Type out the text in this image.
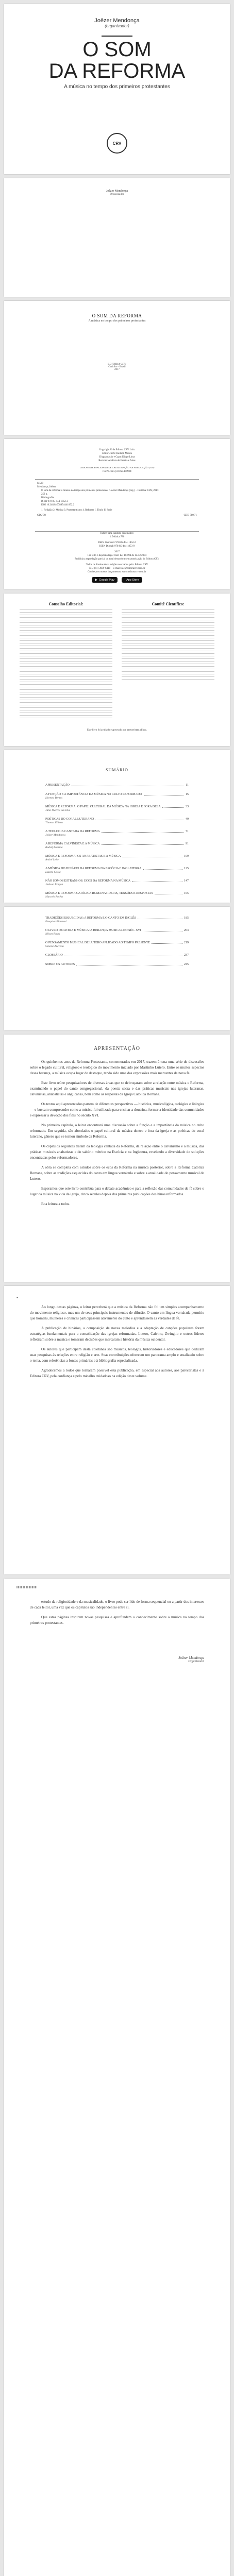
Joêzer Mendonça
(organizador)
O SOM
DA REFORMA
A música no tempo dos primeiros protestantes
CRV
Joêzer Mendonça
Organizador
O SOM DA REFORMA
A música no tempo dos primeiros protestantes
EDITORA CRV
Curitiba – Brasil
2017
Copyright © da Editora CRV Ltda.
Editor-chefe: Railson Moura
Diagramação e Capa: Diogo Lima
Revisão: Analista de Escrita e Artes
DADOS INTERNACIONAIS DE CATALOGAÇÃO NA PUBLICAÇÃO (CIP)
CATALOGAÇÃO NA FONTE
M539
Mendonça, Joêzer
O som da reforma: a música no tempo dos primeiros protestantes / Joêzer Mendonça (org.) – Curitiba: CRV, 2017.
252 p.
Bibliografia
ISBN 978-85-444-1852-2
DOI 10.24824/978854441852.2
1. Religião 2. Música 3. Protestantismo 4. Reforma I. Título II. Série
CDU 78	CDD 780.71
Índice para catálogo sistemático
1. Música 780
ISBN Impresso: 978-85-444-1852-2
ISBN Digital: 978-85-444-1853-9
2017
Foi feito o depósito legal conf. Lei 10.994 de 14/12/2004
Proibida a reprodução parcial ou total desta obra sem autorização da Editora CRV
Todos os direitos desta edição reservados pela: Editora CRV
Tel.: (41) 3039-6418 – E-mail: sac@editoracrv.com.br
Conheça os nossos lançamentos: www.editoracrv.com.br
▶ Google Play	App Store
Conselho Editorial:	Comitê Científico:
Este livro foi avaliado e aprovado por pareceristas ad hoc.
SUMÁRIO
APRESENTAÇÃO	11
A FUNÇÃO E A IMPORTÂNCIA DA MÚSICA NO CULTO REFORMADO	15
Hermes Bentes
MÚSICA E REFORMA: O PAPEL CULTURAL DA MÚSICA NA IGREJA E FORA DELA	33
Júlio Marcos da Silva
POÉTICAS DO CORAL LUTERANO	49
Thomas Ehlertt
A TEOLOGIA CANTADA DA REFORMA	71
Joêzer Mendonça
A REFORMA CALVINISTA E A MÚSICA	91
Rudolf Boerma
MÚSICA E REFORMA: OS ANABATISTAS E A MÚSICA	109
André Leite
A MÚSICA DO HINÁRIO DA REFORMA NA ESCÓCIA E INGLATERRA	125
Lázaro Costa
NÃO SOMOS ESTRANHOS: ECOS DA REFORMA NA MÚSICA	147
Jaelson Bragra
MÚSICA E REFORMA CATÓLICA ROMANA: IDEIAS, TENSÕES E RESPOSTAS	165
Marcelo Rocha
TRADIÇÕES ESQUECIDAS: A REFORMA E O CANTO EM INGLÊS	185
Ezequias Pimentel
O LIVRO DE LETRA E MÚSICA: A HERANÇA MUSICAL NO SÉC. XVI	203
Nilson Rivas
O PENSAMENTO MUSICAL DE LUTERO APLICADO AO TEMPO PRESENTE	219
Simone Azevedo
GLOSSÁRIO	237
SOBRE OS AUTORES	245
APRESENTAÇÃO

Os quinhentos anos da Reforma Protestante, comemorados em 2017, trazem à tona uma série de discussões sobre o legado cultural, religioso e teológico do movimento iniciado por Martinho Lutero. Entre os muitos aspectos dessa herança, a música ocupa lugar de destaque, tendo sido uma das expressões mais marcantes da nova fé.

Este livro reúne pesquisadores de diversas áreas que se debruçaram sobre a relação entre música e Reforma, examinando o papel do canto congregacional, da poesia sacra e das práticas musicais nas igrejas luteranas, calvinistas, anabatistas e anglicanas, bem como as respostas da Igreja Católica Romana.

Os textos aqui apresentados partem de diferentes perspectivas — histórica, musicológica, teológica e litúrgica — e buscam compreender como a música foi utilizada para ensinar a doutrina, formar a identidade das comunidades e expressar a devoção dos fiéis no século XVI.

No primeiro capítulo, o leitor encontrará uma discussão sobre a função e a importância da música no culto reformado. Em seguida, são abordados o papel cultural da música dentro e fora da igreja e as poéticas do coral luterano, gênero que se tornou símbolo da Reforma.

Os capítulos seguintes tratam da teologia cantada da Reforma, da relação entre o calvinismo e a música, das práticas musicais anabatistas e do saltério métrico na Escócia e na Inglaterra, revelando a diversidade de soluções encontradas pelos reformadores.

A obra se completa com estudos sobre os ecos da Reforma na música posterior, sobre a Reforma Católica Romana, sobre as tradições esquecidas do canto em língua vernácula e sobre a atualidade do pensamento musical de Lutero.

Esperamos que este livro contribua para o debate acadêmico e para a reflexão das comunidades de fé sobre o lugar da música na vida da igreja, cinco séculos depois das primeiras publicações dos hinos reformados.

Boa leitura a todos.

▪

Ao longo destas páginas, o leitor perceberá que a música da Reforma não foi um simples acompanhamento do movimento religioso, mas um de seus principais instrumentos de difusão. O canto em língua vernácula permitiu que homens, mulheres e crianças participassem ativamente do culto e aprendessem as verdades da fé.

A publicação de hinários, a composição de novas melodias e a adaptação de canções populares foram estratégias fundamentais para a consolidação das igrejas reformadas. Lutero, Calvino, Zwinglio e outros líderes refletiram sobre a música e tomaram decisões que marcaram a história da música ocidental.

Os autores que participam desta coletânea são músicos, teólogos, historiadores e educadores que dedicam suas pesquisas às relações entre religião e arte. Suas contribuições oferecem um panorama amplo e atualizado sobre o tema, com referências a fontes primárias e à bibliografia especializada.

Agradecemos a todos que tornaram possível esta publicação, em especial aos autores, aos pareceristas e à Editora CRV, pela confiança e pelo trabalho cuidadoso na edição deste volume.

estudo da religiosidade e da musicalidade, o livro pode ser lido de forma sequencial ou a partir dos interesses de cada leitor, uma vez que os capítulos são independentes entre si.

Que estas páginas inspirem novas pesquisas e aprofundem o conhecimento sobre a música no tempo dos primeiros protestantes.

Joêzer Mendonça
Organizador
